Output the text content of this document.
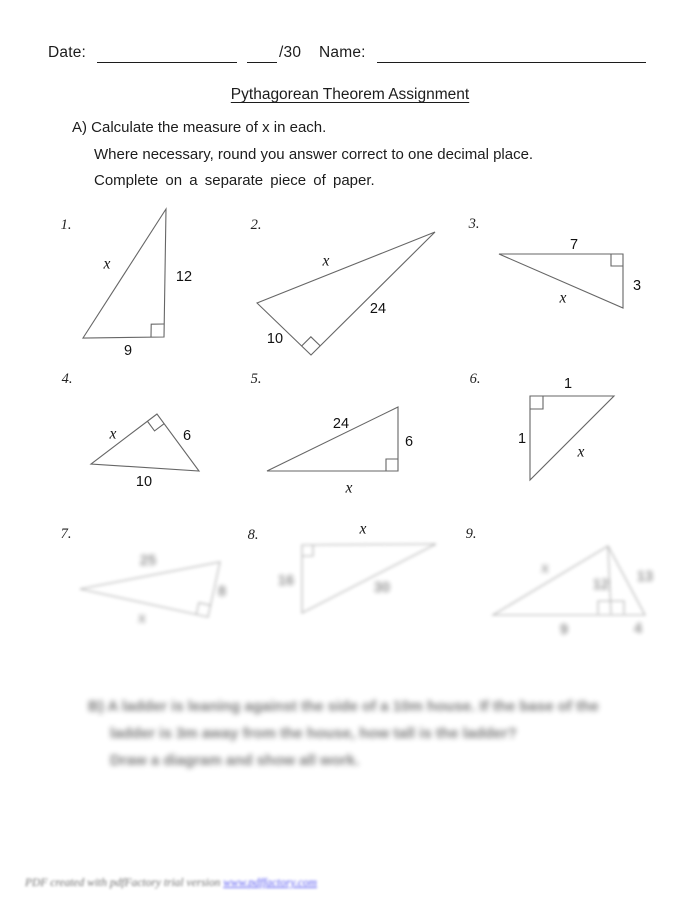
Date:	/30 Name:
Pythagorean Theorem Assignment
A) Calculate the measure of x in each.
Where necessary, round you answer correct to one decimal place.
Complete on a separate piece of paper.
1.
x
12
9
2.
x
24
10
3.
7
3
x
4.
x	6
10
5.
24
6
x
6.	1
1
x
7.
25
8
x
8.	x
16	30
9.
x
12 13
9	4
B) A ladder is leaning against the side of a 10m house. If the base of the
ladder is 3m away from the house, how tall is the ladder?
Draw a diagram and show all work.
PDF created with pdfFactory trial version www.pdffactory.com
